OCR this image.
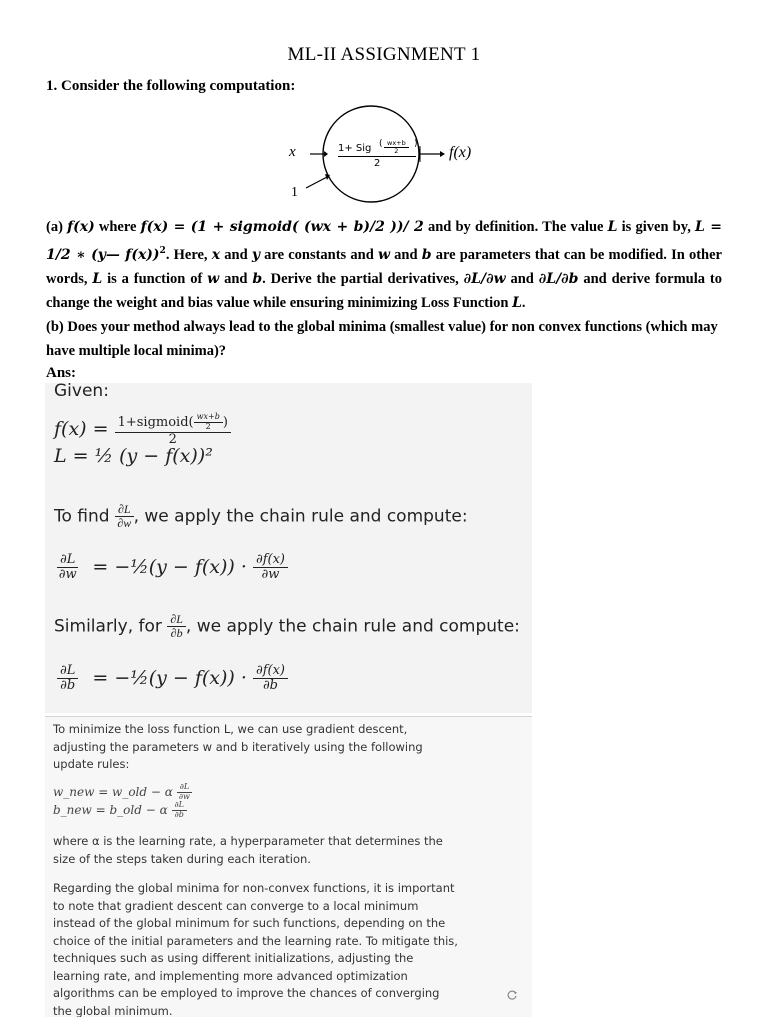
ML-II ASSIGNMENT 1
1. Consider the following computation:
x
1
1+ Sig ( $\frac{wx+b}{2}$ )
2
f(x)
(a) f(x) where f(x) = (1 + sigmoid( (wx + b)/2 ))/ 2 and by definition. The value L is given by, L = 1/2 ∗ (y— f(x))$^2$. Here, x and y are constants and w and b are parameters that can be modified. In other words, L is a function of w and b. Derive the partial derivatives, ∂L/∂w and ∂L/∂b and derive formula to change the weight and bias value while ensuring minimizing Loss Function L.
(b) Does your method always lead to the global minima (smallest value) for non convex functions (which may have multiple local minima)?
Ans:
Given:
$f(x) = \frac{1+sigmoid( \frac{wx+b}{2} )}{2}$
L = ½ (y − f(x))²
To find $\frac{\partial L}{\partial w}$ , we apply the chain rule and compute:
$\frac{\partial L}{\partial w}$ = −½(y − $f(x)) \cdot \frac{\partial f(x)}{\partial w}$
Similarly, for $\frac{\partial L}{\partial b}$ , we apply the chain rule and compute:
$\frac{\partial L}{\partial b}$ = −½(y − $f(x)) \cdot \frac{\partial f(x)}{\partial b}$
To minimize the loss function L, we can use gradient descent,
adjusting the parameters w and b iteratively using the following
update rules:
w_new = w_old − α $\frac{\partial L}{\partial w}$
b_new = b_old − α $\frac{\partial L}{\partial b}$
where α is the learning rate, a hyperparameter that determines the
size of the steps taken during each iteration.
Regarding the global minima for non-convex functions, it is important
to note that gradient descent can converge to a local minimum
instead of the global minimum for such functions, depending on the
choice of the initial parameters and the learning rate. To mitigate this,
techniques such as using different initializations, adjusting the
learning rate, and implementing more advanced optimization
algorithms can be employed to improve the chances of converging
the global minimum.
